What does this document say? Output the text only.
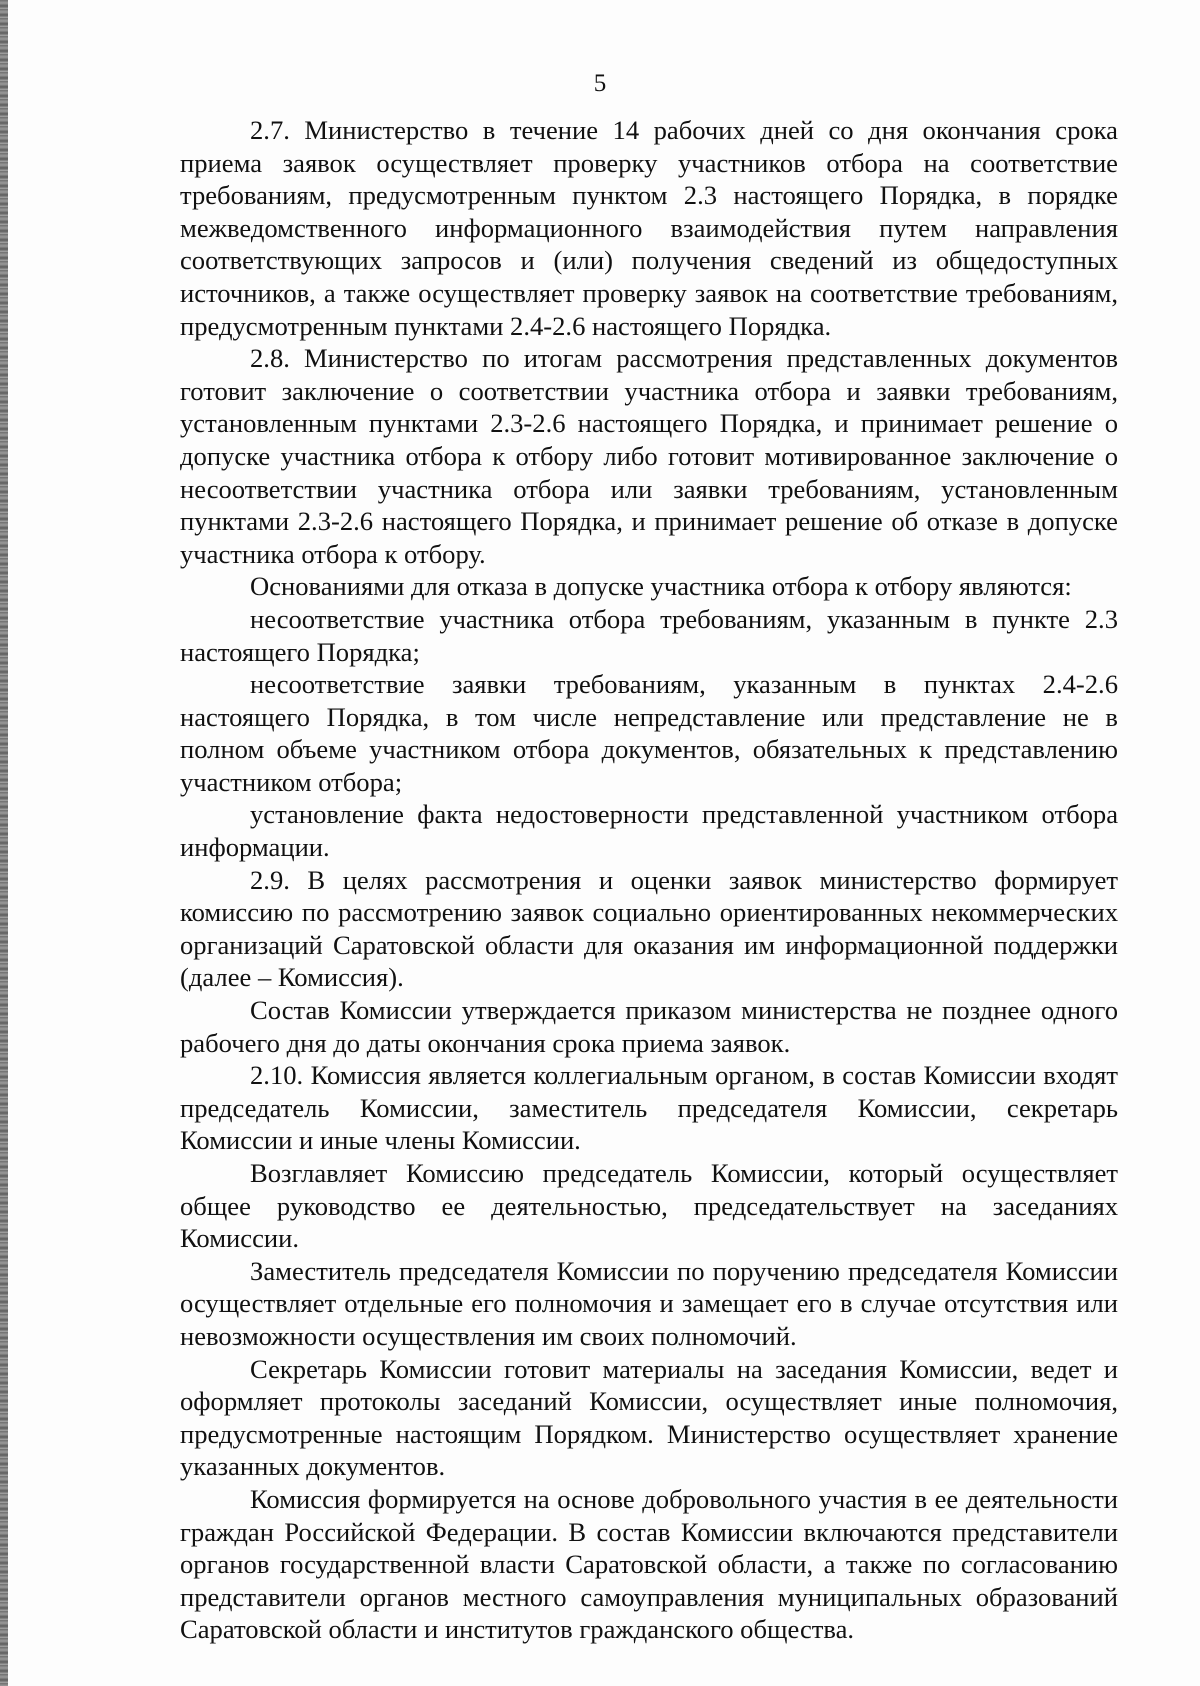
5

2.7. Министерство в течение 14 рабочих дней со дня окончания срока приема заявок осуществляет проверку участников отбора на соответствие требованиям, предусмотренным пунктом 2.3 настоящего Порядка, в порядке межведомственного информационного взаимодействия путем направления соответствующих запросов и (или) получения сведений из общедоступных источников, а также осуществляет проверку заявок на соответствие требованиям, предусмотренным пунктами 2.4-2.6 настоящего Порядка.

2.8. Министерство по итогам рассмотрения представленных документов готовит заключение о соответствии участника отбора и заявки требованиям, установленным пунктами 2.3-2.6 настоящего Порядка, и принимает решение о допуске участника отбора к отбору либо готовит мотивированное заключение о несоответствии участника отбора или заявки требованиям, установленным пунктами 2.3-2.6 настоящего Порядка, и принимает решение об отказе в допуске участника отбора к отбору.

Основаниями для отказа в допуске участника отбора к отбору являются:

несоответствие участника отбора требованиям, указанным в пункте 2.3 настоящего Порядка;

несоответствие заявки требованиям, указанным в пунктах 2.4-2.6 настоящего Порядка, в том числе непредставление или представление не в полном объеме участником отбора документов, обязательных к представлению участником отбора;

установление факта недостоверности представленной участником отбора информации.

2.9. В целях рассмотрения и оценки заявок министерство формирует комиссию по рассмотрению заявок социально ориентированных некоммерческих организаций Саратовской области для оказания им информационной поддержки (далее – Комиссия).

Состав Комиссии утверждается приказом министерства не позднее одного рабочего дня до даты окончания срока приема заявок.

2.10. Комиссия является коллегиальным органом, в состав Комиссии входят председатель Комиссии, заместитель председателя Комиссии, секретарь Комиссии и иные члены Комиссии.

Возглавляет Комиссию председатель Комиссии, который осуществляет общее руководство ее деятельностью, председательствует на заседаниях Комиссии.

Заместитель председателя Комиссии по поручению председателя Комиссии осуществляет отдельные его полномочия и замещает его в случае отсутствия или невозможности осуществления им своих полномочий.

Секретарь Комиссии готовит материалы на заседания Комиссии, ведет и оформляет протоколы заседаний Комиссии, осуществляет иные полномочия, предусмотренные настоящим Порядком. Министерство осуществляет хранение указанных документов.

Комиссия формируется на основе добровольного участия в ее деятельности граждан Российской Федерации. В состав Комиссии включаются представители органов государственной власти Саратовской области, а также по согласованию представители органов местного самоуправления муниципальных образований Саратовской области и институтов гражданского общества.
